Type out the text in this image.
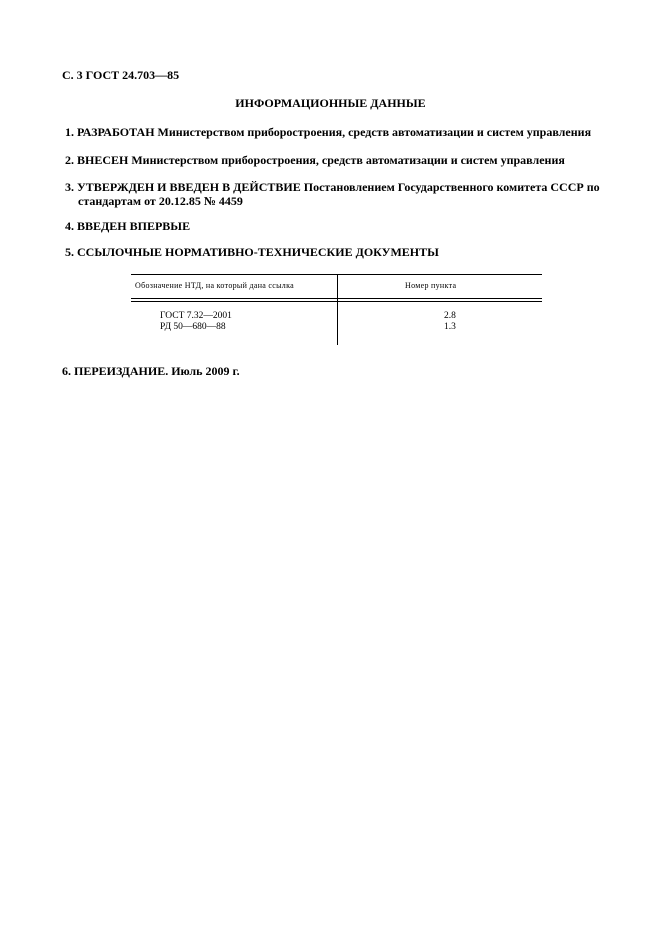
С. 3 ГОСТ 24.703—85
ИНФОРМАЦИОННЫЕ ДАННЫЕ
1. РАЗРАБОТАН Министерством приборостроения, средств автоматизации и систем управления
2. ВНЕСЕН Министерством приборостроения, средств автоматизации и систем управления
3. УТВЕРЖДЕН И ВВЕДЕН В ДЕЙСТВИЕ Постановлением Государственного комитета СССР по
стандартам от 20.12.85 № 4459
4. ВВЕДЕН ВПЕРВЫЕ
5. ССЫЛОЧНЫЕ НОРМАТИВНО-ТЕХНИЧЕСКИЕ ДОКУМЕНТЫ
Обозначение НТД, на который дана ссылка	Номер пункта
ГОСТ 7.32—2001	2.8
РД 50—680—88	1.3
6. ПЕРЕИЗДАНИЕ. Июль 2009 г.
